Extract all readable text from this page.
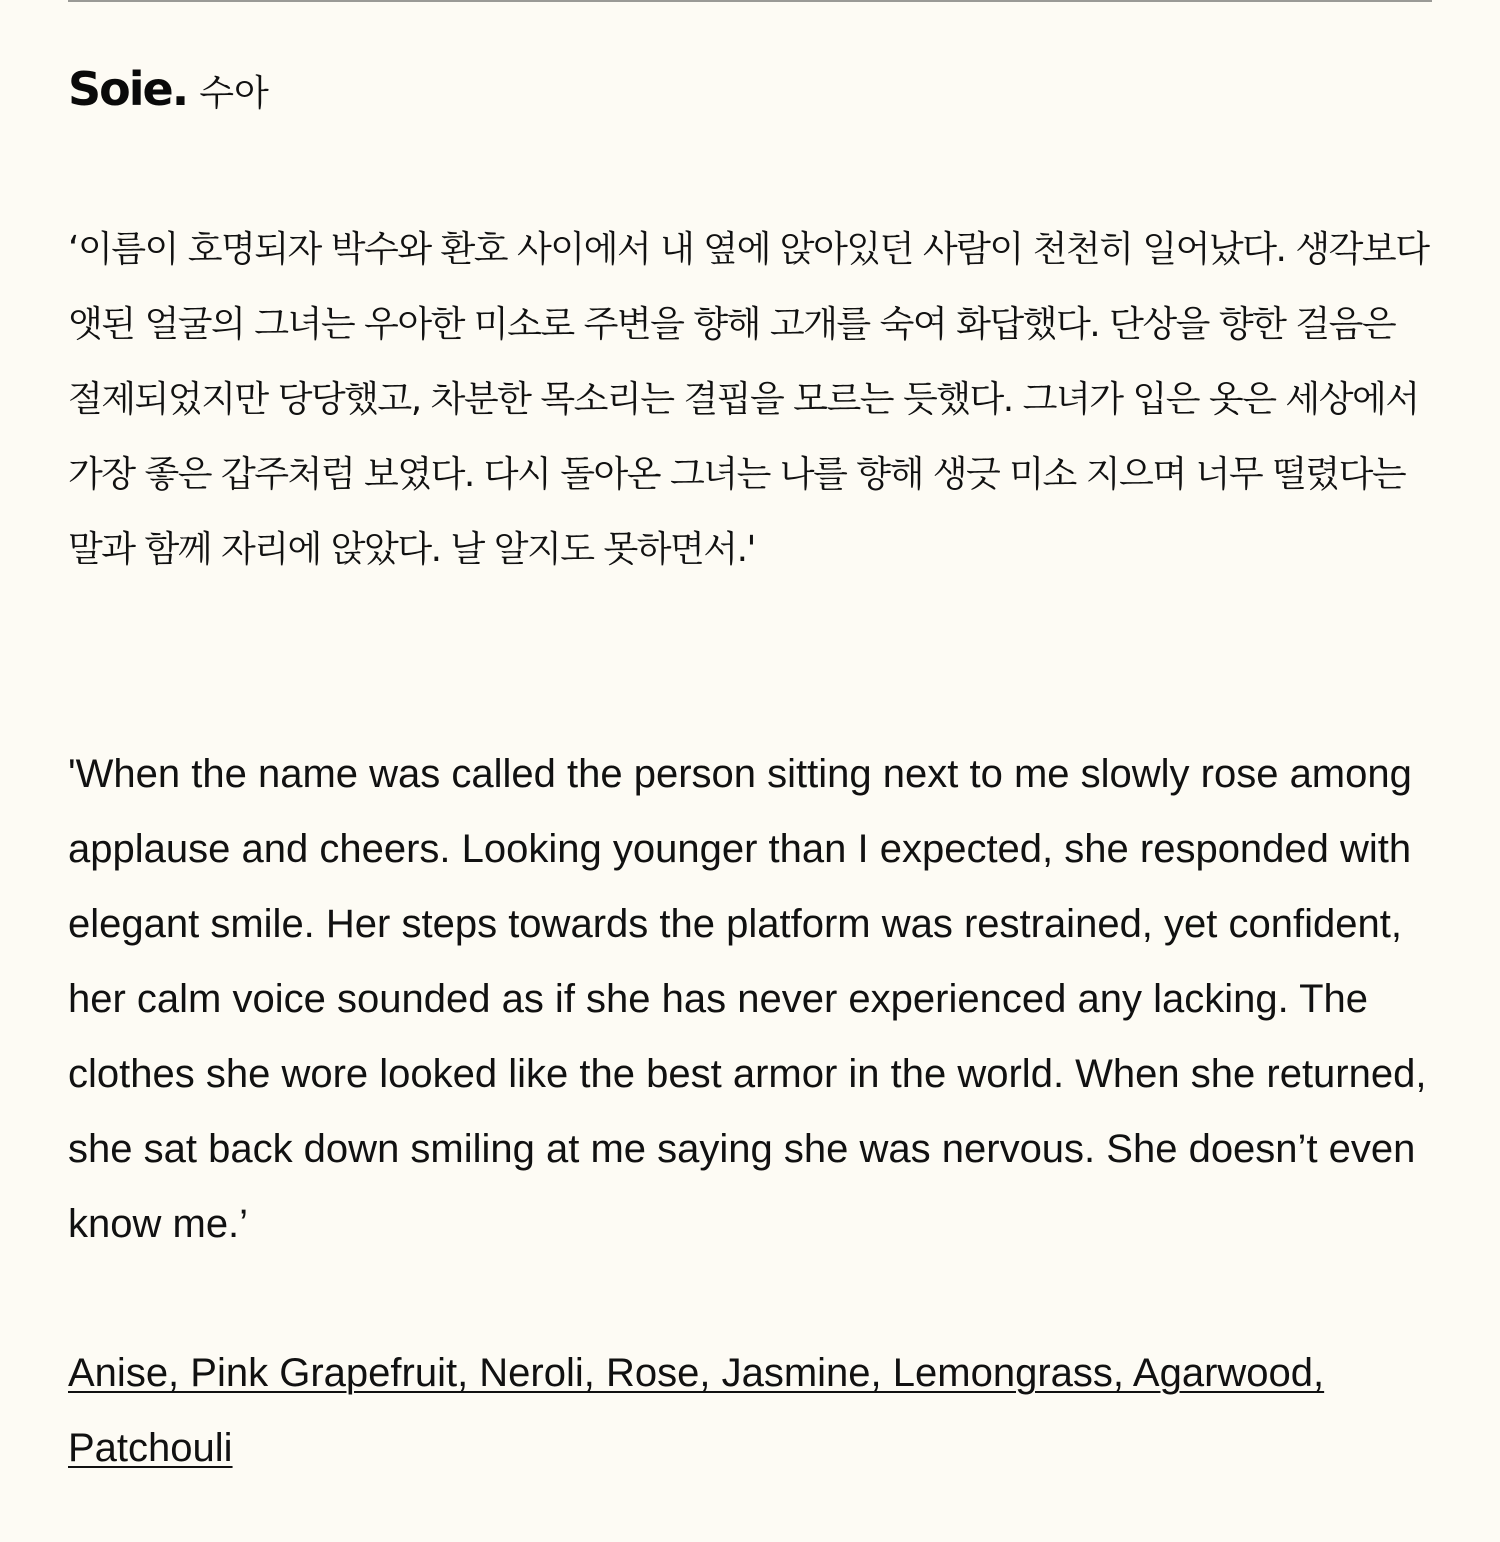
Soie. 수아

‘이름이 호명되자 박수와 환호 사이에서 내 옆에 앉아있던 사람이 천천히 일어났다. 생각보다 앳된 얼굴의 그녀는 우아한 미소로 주변을 향해 고개를 숙여 화답했다. 단상을 향한 걸음은 절제되었지만 당당했고, 차분한 목소리는 결핍을 모르는 듯했다. 그녀가 입은 옷은 세상에서 가장 좋은 갑주처럼 보였다. 다시 돌아온 그녀는 나를 향해 생긋 미소 지으며 너무 떨렸다는 말과 함께 자리에 앉았다. 날 알지도 못하면서.'

'When the name was called the person sitting next to me slowly rose among applause and cheers. Looking younger than I expected, she responded with elegant smile. Her steps towards the platform was restrained, yet confident, her calm voice sounded as if she has never experienced any lacking. The clothes she wore looked like the best armor in the world. When she returned, she sat back down smiling at me saying she was nervous. She doesn’t even know me.’

Anise, Pink Grapefruit, Neroli, Rose, Jasmine, Lemongrass, Agarwood, Patchouli
